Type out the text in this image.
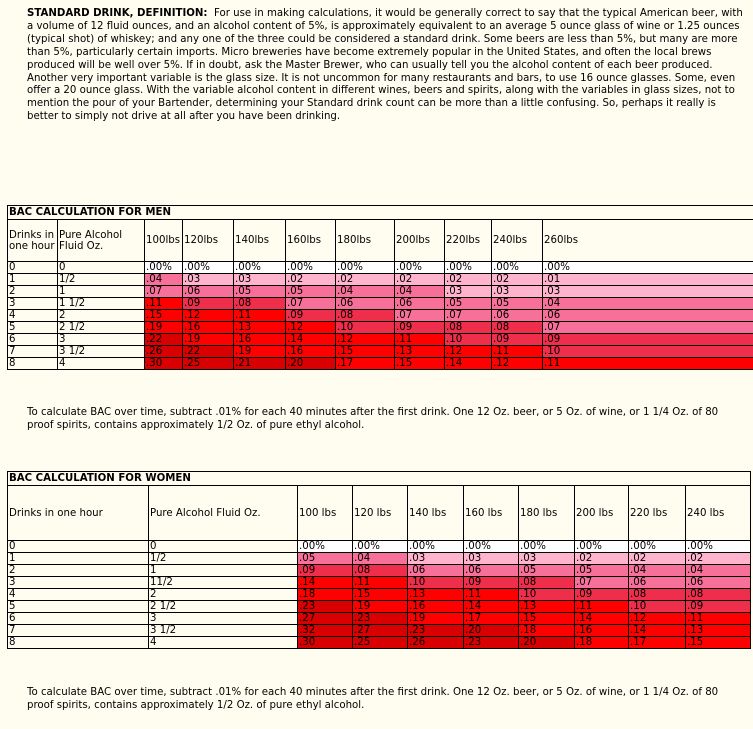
STANDARD DRINK, DEFINITION: For use in making calculations, it would be generally correct to say that the typical American beer, with a volume of 12 fluid ounces, and an alcohol content of 5%, is approximately equivalent to an average 5 ounce glass of wine or 1.25 ounces (typical shot) of whiskey; and any one of the three could be considered a standard drink. Some beers are less than 5%, but many are more than 5%, particularly certain imports. Micro breweries have become extremely popular in the United States, and often the local brews produced will be well over 5%. If in doubt, ask the Master Brewer, who can usually tell you the alcohol content of each beer produced. Another very important variable is the glass size. It is not uncommon for many restaurants and bars, to use 16 ounce glasses. Some, even offer a 20 ounce glass. With the variable alcohol content in different wines, beers and spirits, along with the variables in glass sizes, not to mention the pour of your Bartender, determining your Standard drink count can be more than a little confusing. So, perhaps it really is better to simply not drive at all after you have been drinking.
BAC CALCULATION FOR MEN											
Drinks in one hour	Pure Alcohol Fluid Oz.	100lbs	120lbs	140lbs	160lbs	180lbs	200lbs	220lbs	240lbs	260lbs	
0	0	.00%	.00%	.00%	.00%	.00%	.00%	.00%	.00%	.00%	
1	1/2	.04	.03	.03	.02	.02	.02	.02	.02	.01	
2	1	.07	.06	.05	.05	.04	.04	.03	.03	.03	
3	1 1/2	.11	.09	.08	.07	.06	.06	.05	.05	.04	
4	2	.15	.12	.11	.09	.08	.07	.07	.06	.06	
5	2 1/2	.19	.16	.13	.12	.10	.09	.08	.08	.07	
6	3	.22	.19	.16	.14	.12	.11	.10	.09	.09	
7	3 1/2	.26	.22	.19	.16	.15	.13	.12	.11	.10	
8	4	.30	.25	.21	.20	.17	.15	.14	.12	.11	
To calculate BAC over time, subtract .01% for each 40 minutes after the first drink. One 12 Oz. beer, or 5 Oz. of wine, or 1 1/4 Oz. of 80 proof spirits, contains approximately 1/2 Oz. of pure ethyl alcohol.
BAC CALCULATION FOR WOMEN									
Drinks in one hour	Pure Alcohol Fluid Oz.	100 lbs	120 lbs	140 lbs	160 lbs	180 lbs	200 lbs	220 lbs	240 lbs
0	0	.00%	.00%	.00%	.00%	.00%	.00%	.00%	.00%
1	1/2	.05	.04	.03	.03	.03	.02	.02	.02
2	1	.09	.08	.06	.06	.05	.05	.04	.04
3	11/2	.14	.11	.10	.09	.08	.07	.06	.06
4	2	.18	.15	.13	.11	.10	.09	.08	.08
5	2 1/2	.23	.19	.16	.14	.13	.11	.10	.09
6	3	.27	.23	.19	.17	.15	.14	.12	.11
7	3 1/2	.32	.27	.23	.20	.18	.16	.14	.13
8	4	.30	.25	.26	.23	.20	.18	.17	.15
To calculate BAC over time, subtract .01% for each 40 minutes after the first drink. One 12 Oz. beer, or 5 Oz. of wine, or 1 1/4 Oz. of 80 proof spirits, contains approximately 1/2 Oz. of pure ethyl alcohol.
